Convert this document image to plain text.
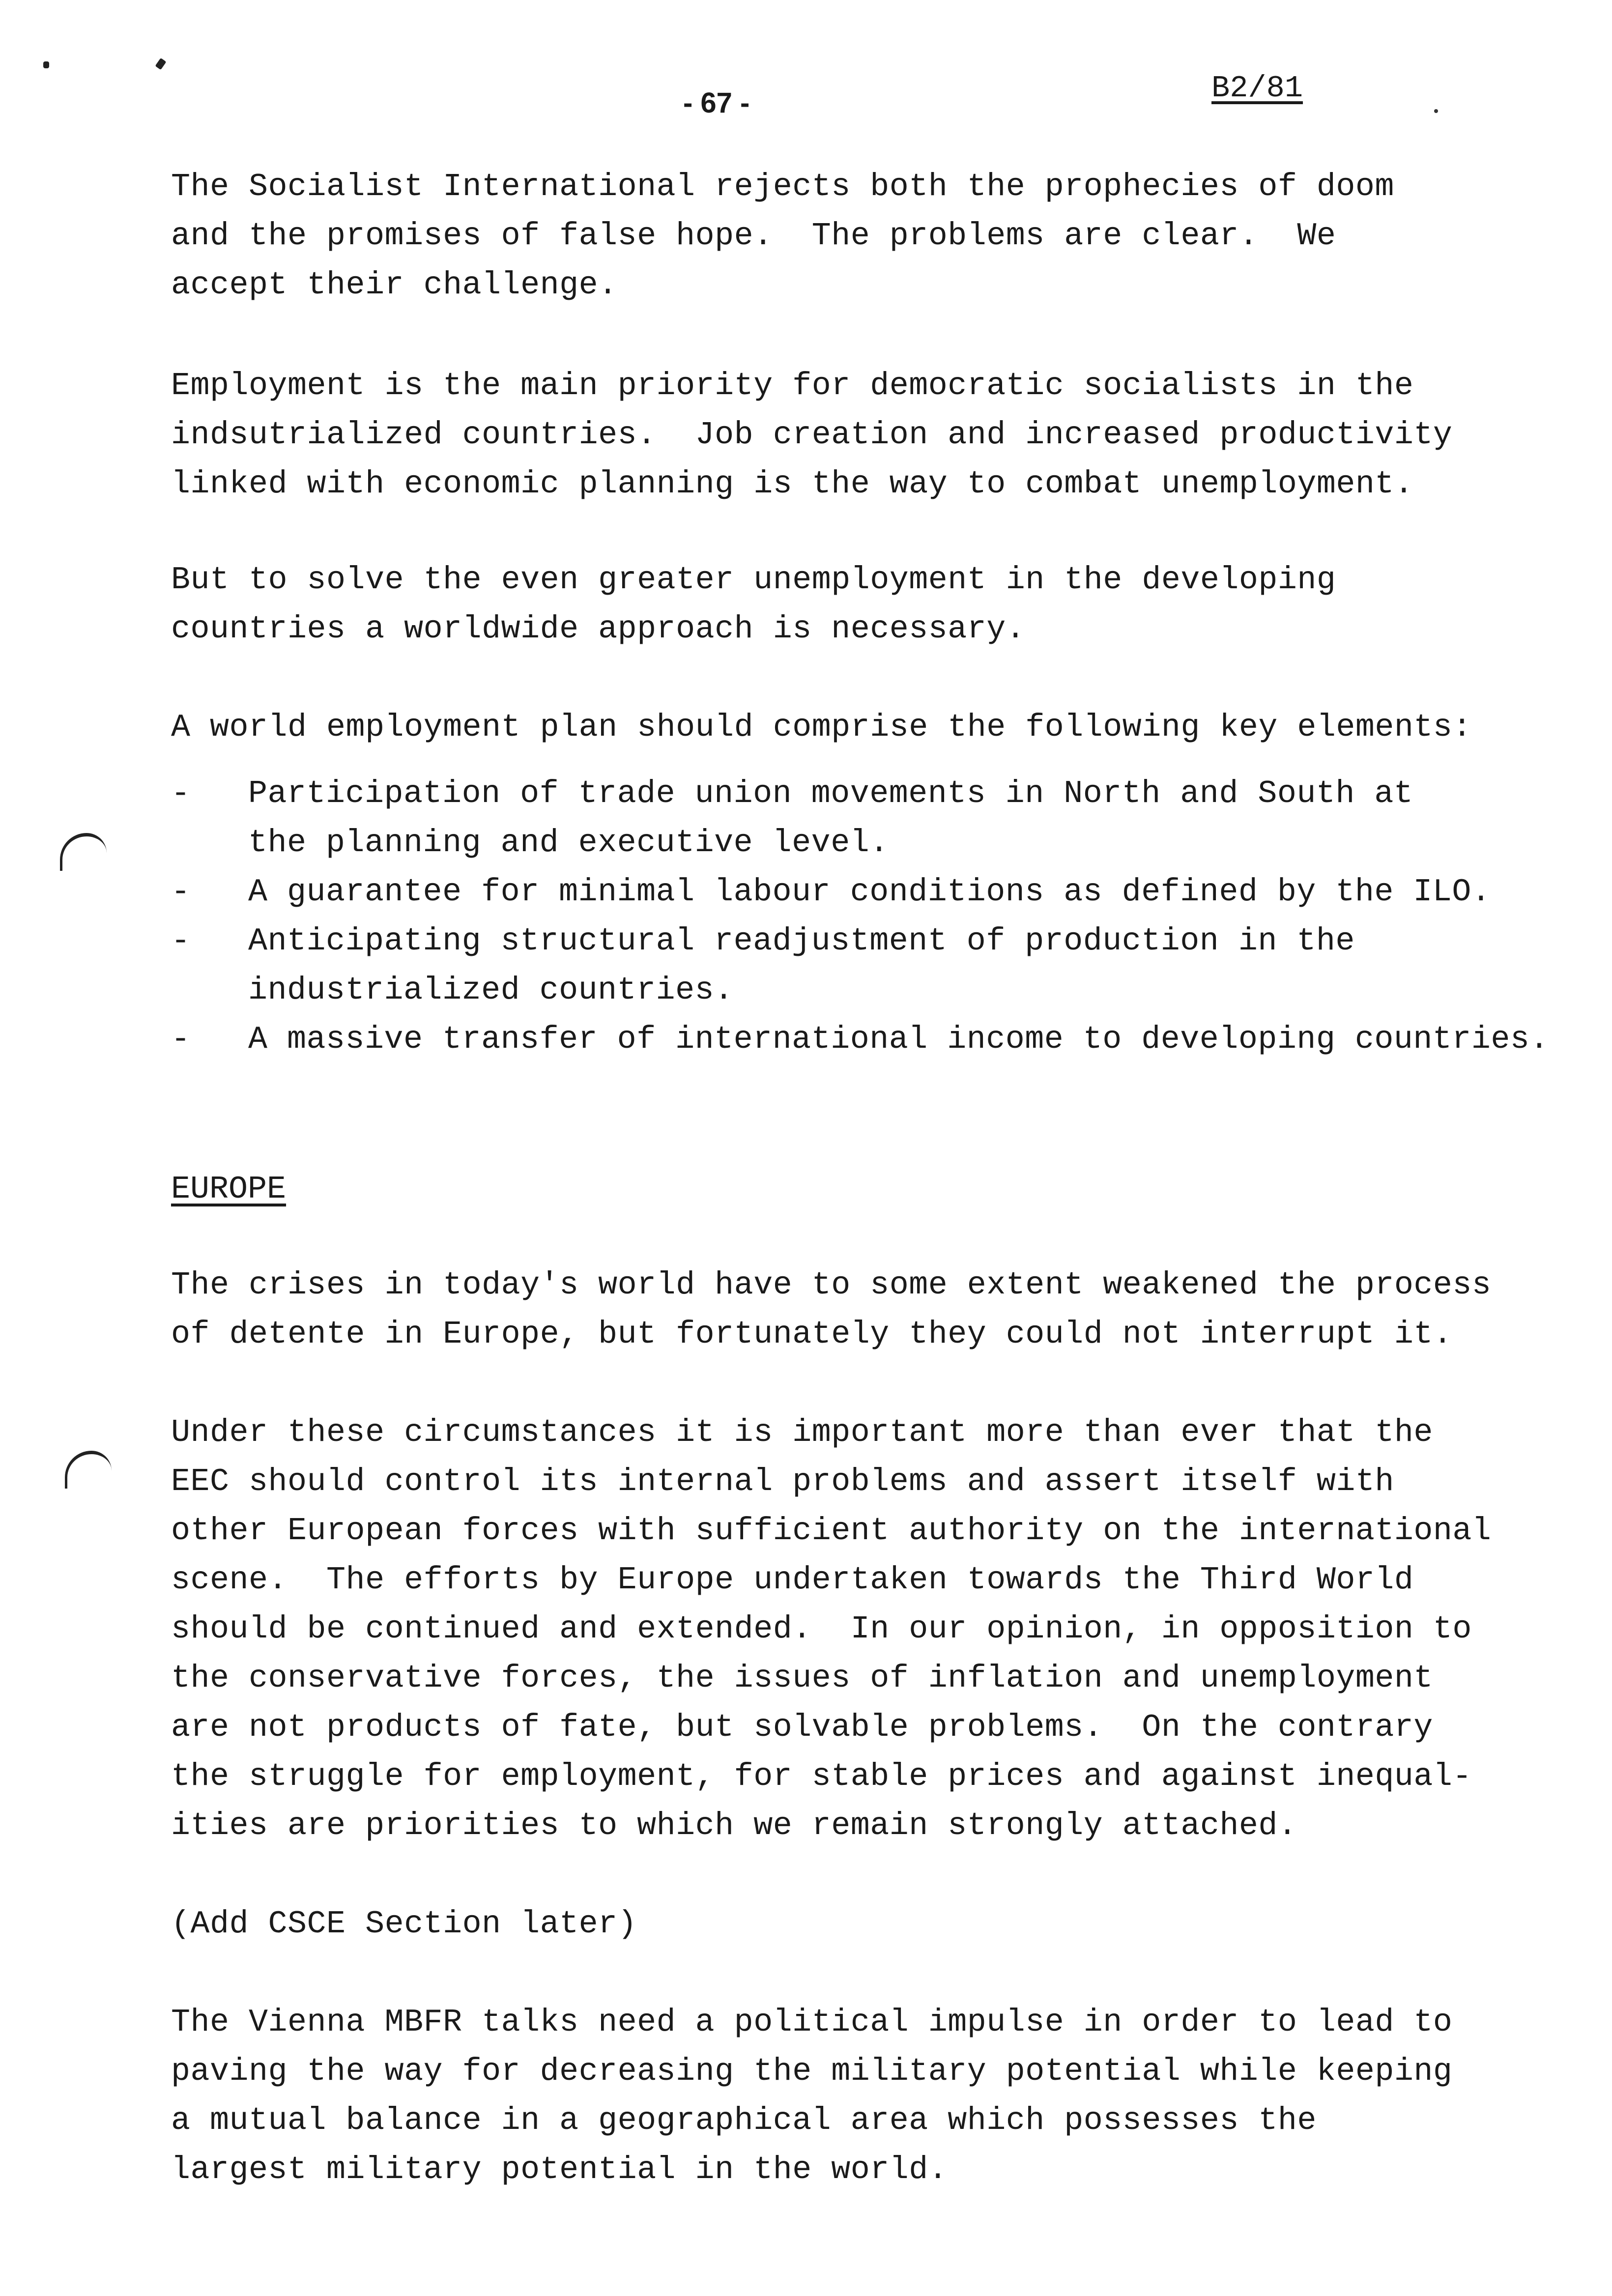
- 67 -	B2/81

The Socialist International rejects both the prophecies of doom

and the promises of false hope.  The problems are clear.  We

accept their challenge.

Employment is the main priority for democratic socialists in the

indsutrialized countries.  Job creation and increased productivity

linked with economic planning is the way to combat unemployment.

But to solve the even greater unemployment in the developing

countries a worldwide approach is necessary.

A world employment plan should comprise the following key elements:

- Participation of trade union movements in North and South at

the planning and executive level.

- A guarantee for minimal labour conditions as defined by the ILO.

- Anticipating structural readjustment of production in the

industrialized countries.

- A massive transfer of international income to developing countries.

EUROPE

The crises in today's world have to some extent weakened the process

of detente in Europe, but fortunately they could not interrupt it.

Under these circumstances it is important more than ever that the

EEC should control its internal problems and assert itself with

other European forces with sufficient authority on the international

scene.  The efforts by Europe undertaken towards the Third World

should be continued and extended.  In our opinion, in opposition to

the conservative forces, the issues of inflation and unemployment

are not products of fate, but solvable problems.  On the contrary

the struggle for employment, for stable prices and against inequal-

ities are priorities to which we remain strongly attached.

(Add CSCE Section later)

The Vienna MBFR talks need a political impulse in order to lead to

paving the way for decreasing the military potential while keeping

a mutual balance in a geographical area which possesses the

largest military potential in the world.
